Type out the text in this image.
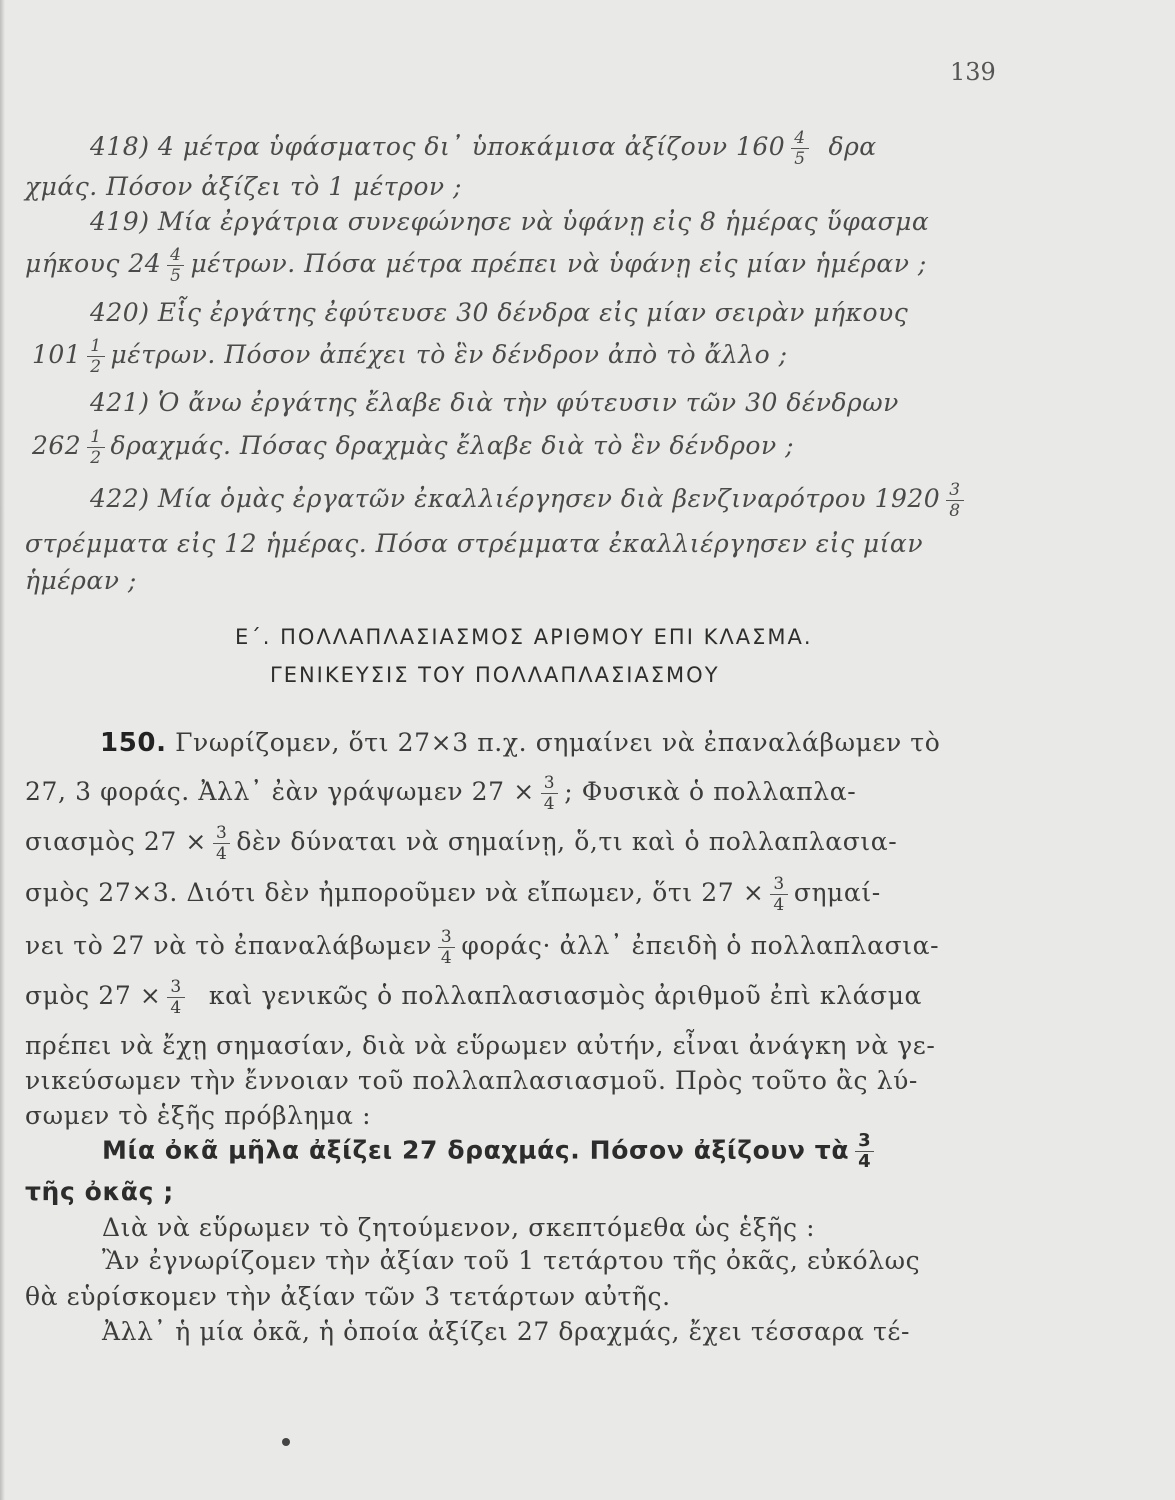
139
418) 4 μέτρα ὑφάσματος δι᾽ ὑποκάμισα ἀξίζουν $160 \frac{4}{5}$ δρα
χμάς. Πόσον ἀξίζει τὸ 1 μέτρον ;
419) Μία ἐργάτρια συνεφώνησε νὰ ὑφάνῃ εἰς 8 ἡμέρας ὕφασμα
μήκους $24 \frac{4}{5} \mu έ\tau\rho\omega\nu$. Πόσα μέτρα πρέπει νὰ ὑφάνῃ εἰς μίαν ἡμέραν ;
420) Εἷς ἐργάτης ἐφύτευσε 30 δένδρα εἰς μίαν σειρὰν μήκους
$101 \frac{1}{2} \mu έ\tau\rho\omega\nu$. Πόσον ἀπέχει τὸ ἓν δένδρον ἀπὸ τὸ ἄλλο ;
421) Ὁ ἄνω ἐργάτης ἔλαβε διὰ τὴν φύτευσιν τῶν 30 δένδρων
$262 \frac{1}{2} \delta\rho\alpha\chi\mu ά\varsigma$. Πόσας δραχμὰς ἔλαβε διὰ τὸ ἓν δένδρον ;
422) Μία ὁμὰς ἐργατῶν ἐκαλλιέργησεν διὰ βενζιναρότρου $1920 \frac{3}{8}$
στρέμματα εἰς 12 ἡμέρας. Πόσα στρέμματα ἐκαλλιέργησεν εἰς μίαν
ἡμέραν ;
Ε΄. ΠΟΛΛΑΠΛΑΣΙΑΣΜΟΣ ΑΡΙΘΜΟΥ ΕΠΙ ΚΛΑΣΜΑ.
ΓΕΝΙΚΕΥΣΙΣ ΤΟΥ ΠΟΛΛΑΠΛΑΣΙΑΣΜΟΥ
150. Γνωρίζομεν, ὅτι 27×3 π.χ. σημαίνει νὰ ἐπαναλάβωμεν τὸ
27, 3 φοράς. Ἀλλ᾽ ἐὰν γράψωμεν $27 \times \frac{3}{4}$ ; Φυσικὰ ὁ πολλαπλα-
σιασμὸς $27 \times \frac{3}{4}$ δὲν δύναται νὰ σημαίνῃ, ὅ,τι καὶ ὁ πολλαπλασια-
σμὸς 27×3. Διότι δὲν ἠμποροῦμεν νὰ εἴπωμεν, ὅτι $27 \times \frac{3}{4} \sigma\eta\mu\alpha ί-$
νει τὸ 27 νὰ τὸ ἐπαναλάβωμεν $\frac{3}{4} \varphi o\rho ά\varsigma\cdot$ ἀλλ᾽ ἐπειδὴ ὁ πολλαπλασια-
σμὸς $27 \times \frac{3}{4}$ καὶ γενικῶς ὁ πολλαπλασιασμὸς ἀριθμοῦ ἐπὶ κλάσμα
πρέπει νὰ ἔχῃ σημασίαν, διὰ νὰ εὕρωμεν αὐτήν, εἶναι ἀνάγκη νὰ γε-
νικεύσωμεν τὴν ἔννοιαν τοῦ πολλαπλασιασμοῦ. Πρὸς τοῦτο ἂς λύ-
σωμεν τὸ ἑξῆς πρόβλημα :
Μία ὀκᾶ μῆλα ἀξίζει 27 δραχμάς. Πόσον ἀξίζουν τὰ $\frac{3}{4}$
τῆς ὀκᾶς ;
Διὰ νὰ εὕρωμεν τὸ ζητούμενον, σκεπτόμεθα ὡς ἑξῆς :
Ἂν ἐγνωρίζομεν τὴν ἀξίαν τοῦ 1 τετάρτου τῆς ὀκᾶς, εὐκόλως
θὰ εὑρίσκομεν τὴν ἀξίαν τῶν 3 τετάρτων αὐτῆς.
Ἀλλ᾽ ἡ μία ὀκᾶ, ἡ ὁποία ἀξίζει 27 δραχμάς, ἔχει τέσσαρα τέ-
